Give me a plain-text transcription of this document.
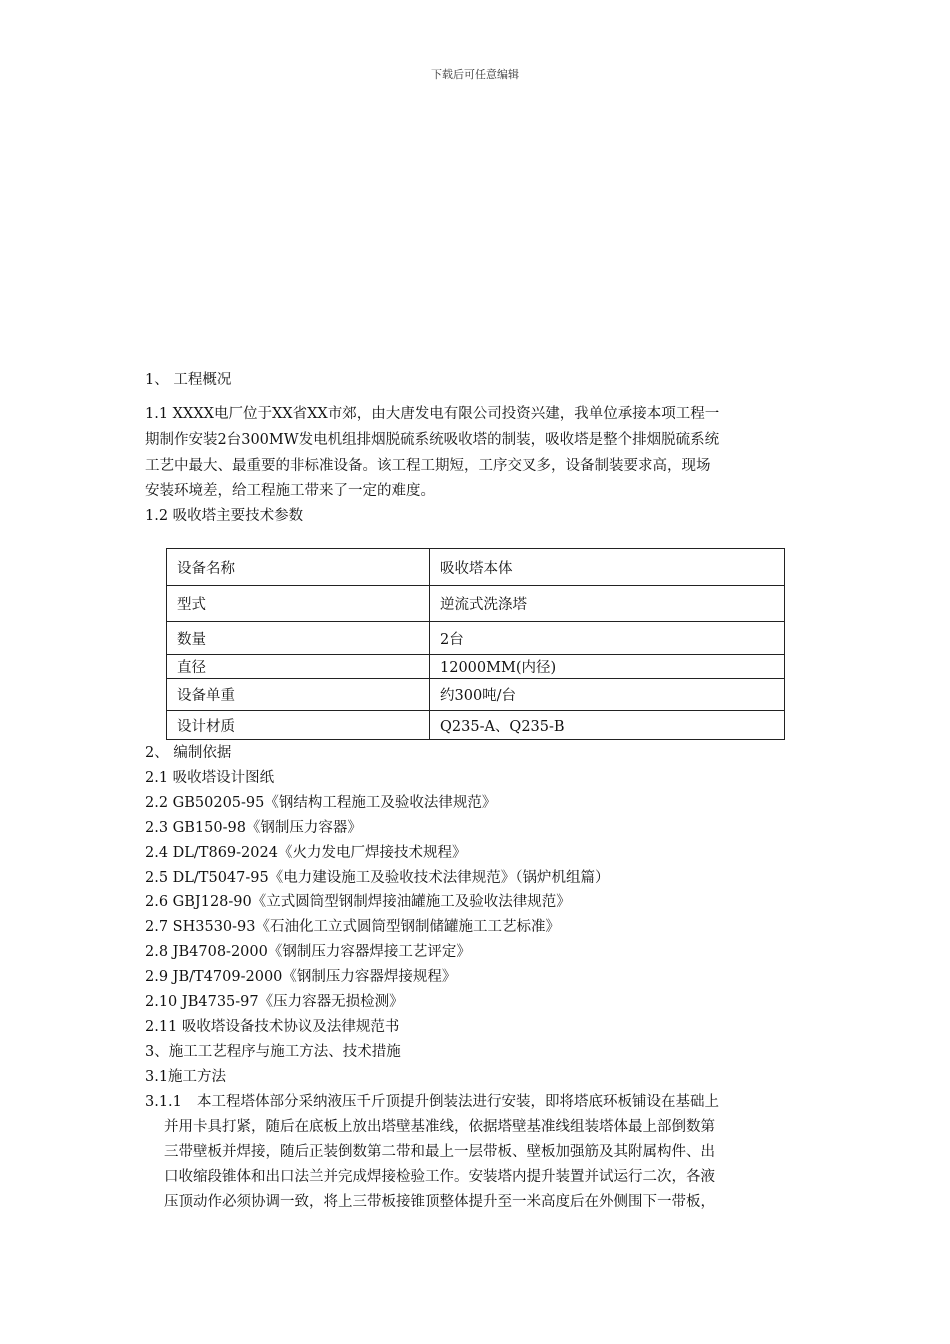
下载后可任意编辑
1、 工程概况
1.1 XXXX电厂位于XX省XX市郊，由大唐发电有限公司投资兴建，我单位承接本项工程一
期制作安装2台300MW发电机组排烟脱硫系统吸收塔的制装，吸收塔是整个排烟脱硫系统
工艺中最大、最重要的非标准设备。该工程工期短，工序交叉多，设备制装要求高，现场
安装环境差，给工程施工带来了一定的难度。
1.2 吸收塔主要技术参数
设备名称	吸收塔本体
型式	逆流式洗涤塔
数量	2台
直径	12000MM(内径)
设备单重	约300吨/台
设计材质	Q235-A、Q235-B
2、 编制依据
2.1 吸收塔设计图纸
2.2 GB50205-95《钢结构工程施工及验收法律规范》
2.3 GB150-98《钢制压力容器》
2.4 DL/T869-2024《火力发电厂焊接技术规程》
2.5 DL/T5047-95《电力建设施工及验收技术法律规范》（锅炉机组篇）
2.6 GBJ128-90《立式圆筒型钢制焊接油罐施工及验收法律规范》
2.7 SH3530-93《石油化工立式圆筒型钢制储罐施工工艺标准》
2.8 JB4708-2000《钢制压力容器焊接工艺评定》
2.9 JB/T4709-2000《钢制压力容器焊接规程》
2.10 JB4735-97《压力容器无损检测》
2.11 吸收塔设备技术协议及法律规范书
3、施工工艺程序与施工方法、技术措施
3.1施工方法
3.1.1 本工程塔体部分采纳液压千斤顶提升倒装法进行安装，即将塔底环板铺设在基础上
并用卡具打紧，随后在底板上放出塔壁基准线，依据塔壁基准线组装塔体最上部倒数第
三带壁板并焊接，随后正装倒数第二带和最上一层带板、壁板加强筋及其附属构件、出
口收缩段锥体和出口法兰并完成焊接检验工作。安装塔内提升装置并试运行二次，各液
压顶动作必须协调一致，将上三带板接锥顶整体提升至一米高度后在外侧围下一带板，
